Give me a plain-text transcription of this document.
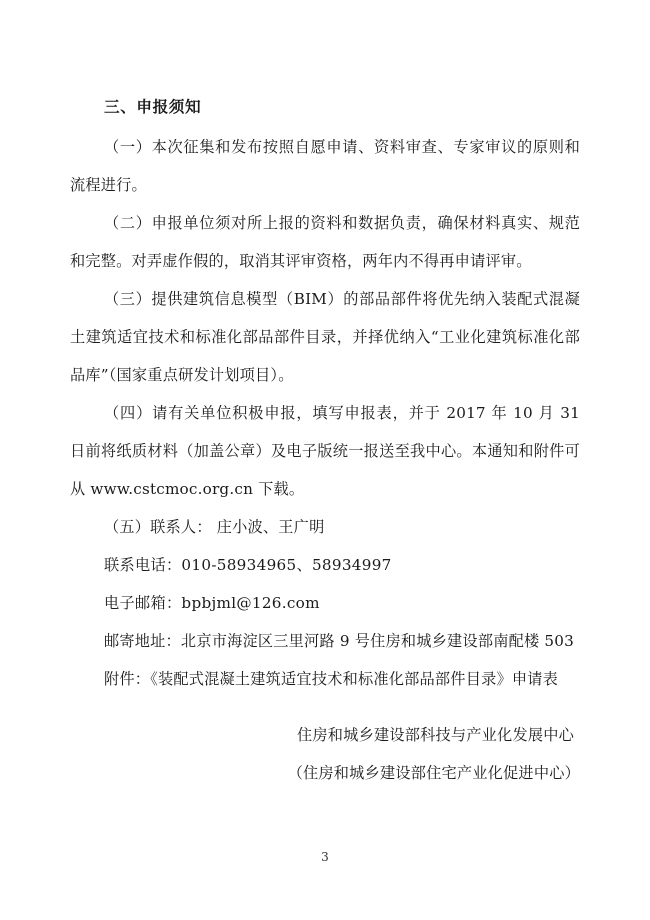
三、申报须知

（一）本次征集和发布按照自愿申请、资料审查、专家审议的原则和流程进行。

（二）申报单位须对所上报的资料和数据负责，确保材料真实、规范和完整。对弄虚作假的，取消其评审资格，两年内不得再申请评审。

（三）提供建筑信息模型（BIM）的部品部件将优先纳入装配式混凝土建筑适宜技术和标准化部品部件目录，并择优纳入“工业化建筑标准化部品库”（国家重点研发计划项目）。

（四）请有关单位积极申报，填写申报表，并于 2017 年 10 月 31 日前将纸质材料（加盖公章）及电子版统一报送至我中心。本通知和附件可从 www.cstcmoc.org.cn 下载。

（五）联系人： 庄小波、王广明

联系电话：010-58934965、58934997

电子邮箱：bpbjml@126.com

邮寄地址：北京市海淀区三里河路 9 号住房和城乡建设部南配楼 503

附件：《装配式混凝土建筑适宜技术和标准化部品部件目录》申请表

住房和城乡建设部科技与产业化发展中心

（住房和城乡建设部住宅产业化促进中心）

3
